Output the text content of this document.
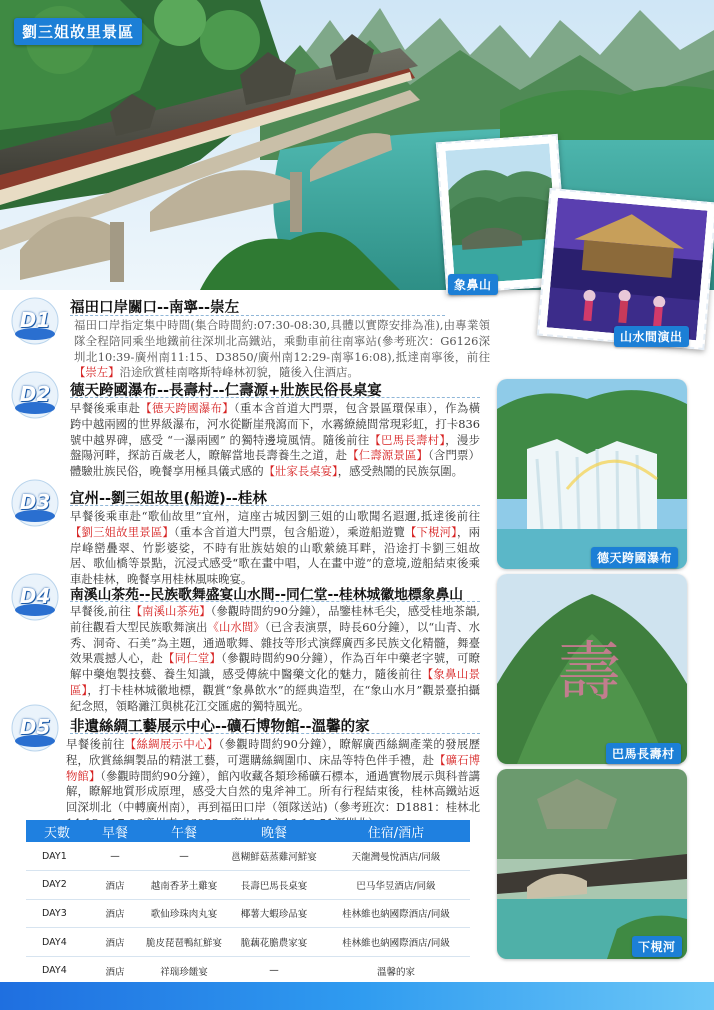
劉三姐故里景區
象鼻山
山水間演出
德天跨國瀑布
壽
巴馬長壽村
下梘河
D1	福田口岸關口--南寧--崇左
福田口岸指定集中時間(集合時間約:07:30-08:30,具體以實際安排為准),由專業領隊全程陪同乘坐地鐵前往深圳北高鐵站，乘動車前往南寧站(參考班次：G6126深圳北10:39-廣州南11:15、D3850/廣州南12:29-南寧16:08),抵達南寧後，前往【崇左】沿途欣賞桂南喀斯特峰林初貌，隨後入住酒店。
D2	德天跨國瀑布--長壽村--仁壽源+壯族民俗長桌宴
早餐後乘車赴【德天跨國瀑布】（重本含首道大門票，包含景區環保車），作為橫跨中越兩國的世界級瀑布，河水從斷崖飛瀉而下，水霧繚繞間常現彩虹，打卡836 號中越界碑，感受 “一瀑兩國” 的獨特邊境風情。隨後前往【巴馬長壽村】，漫步盤陽河畔，探訪百歲老人，瞭解當地長壽養生之道，赴【仁壽源景區】（含門票）體驗壯族民俗，晚餐享用極具儀式感的【壯家長桌宴】，感受熱鬧的民族氛圍。
D3	宜州--劉三姐故里(船遊)--桂林
早餐後乘車赴“歌仙故里”宜州，這座古城因劉三姐的山歌聞名遐邇,抵達後前往【劉三姐故里景區】（重本含首道大門票，包含船遊），乘遊船遊覽【下梘河】，兩岸峰巒疊翠、竹影婆娑，不時有壯族姑娘的山歌縈繞耳畔，沿途打卡劉三姐故居、歌仙橋等景點，沉浸式感受“歌在畫中唱，人在畫中遊”的意境,遊船結束後乘車赴桂林，晚餐享用桂林風味晚宴。
D4	南溪山茶苑--民族歌舞盛宴山水間--同仁堂--桂林城徽地標象鼻山
早餐後,前往【南溪山茶苑】（參觀時間約90分鐘），品鑒桂林毛尖，感受桂地茶韻,前往觀看大型民族歌舞演出《山水間》（已含表演票，時長60分鐘），以“山青、水秀、洞奇、石美”為主題，通過歌舞、雜技等形式演繹廣西多民族文化精髓，舞臺效果震撼人心，赴【同仁堂】（參觀時間約90分鐘），作為百年中藥老字號，可瞭解中藥炮製技藝、養生知識，感受傳統中醫藥文化的魅力，隨後前往【象鼻山景區】，打卡桂林城徽地標，觀賞“象鼻飲水”的經典造型，在“象山水月”觀景臺拍攝紀念照，領略灕江與桃花江交匯處的獨特風光。
D5	非遺絲綢工藝展示中心--礦石博物館--溫馨的家
早餐後前往【絲綢展示中心】（參觀時間約90分鐘），瞭解廣西絲綢產業的發展歷程，欣賞絲綢製品的精湛工藝，可選購絲綢圍巾、床品等特色伴手禮，赴【礦石博物館】（參觀時間約90分鐘），館內收藏各類珍稀礦石標本，通過實物展示與科普講解，瞭解地質形成原理，感受大自然的鬼斧神工。所有行程結束後，桂林高鐵站返回深圳北（中轉廣州南），再到福田口岸（領隊送站)（參考班次：D1881：桂林北
天數	早餐	午餐	晚餐	住宿/酒店
DAY1	—	—	邕糊鮮菇蒸雞河鮮宴	天龍灣曼悅酒店/同級
DAY2	酒店	越南香茅土雞宴	長壽巴馬長桌宴	巴马华昱酒店/同級
DAY3	酒店	歌仙珍珠肉丸宴	椰薯大蝦珍品宴	桂林維也納國際酒店/同級
DAY4	酒店	脆皮琵琶鴨紅鮮宴	脆藕花膽農家宴	桂林維也納國際酒店/同級
DAY4	酒店	祥瑞珍饈宴	—	溫馨的家
